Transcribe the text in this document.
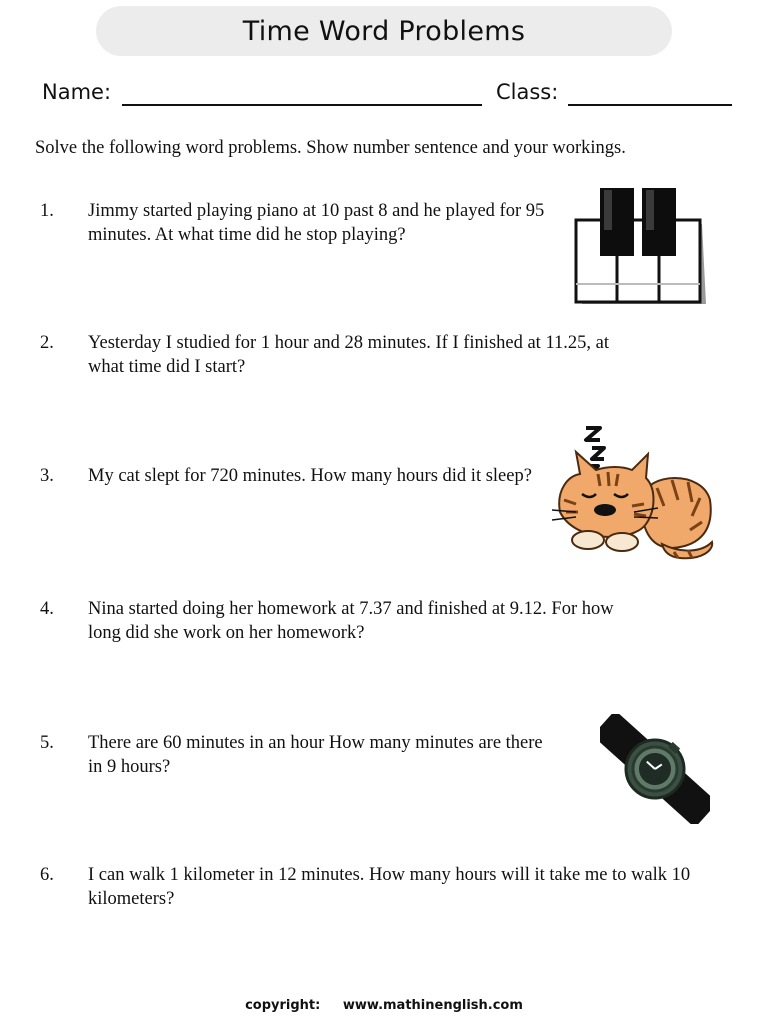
Time Word Problems
Name:	Class:
Solve the following word problems. Show number sentence and your workings.
1. Jimmy started playing piano at 10 past 8 and he played for 95 minutes. At what time did he stop playing?
2. Yesterday I studied for 1 hour and 28 minutes. If I finished at 11.25, at what time did I start?
3. My cat slept for 720 minutes. How many hours did it sleep?
4. Nina started doing her homework at 7.37 and finished at 9.12. For how long did she work on her homework?
5. There are 60 minutes in an hour How many minutes are there in 9 hours?
6. I can walk 1 kilometer in 12 minutes. How many hours will it take me to walk 10 kilometers?
copyright: www.mathinenglish.com
